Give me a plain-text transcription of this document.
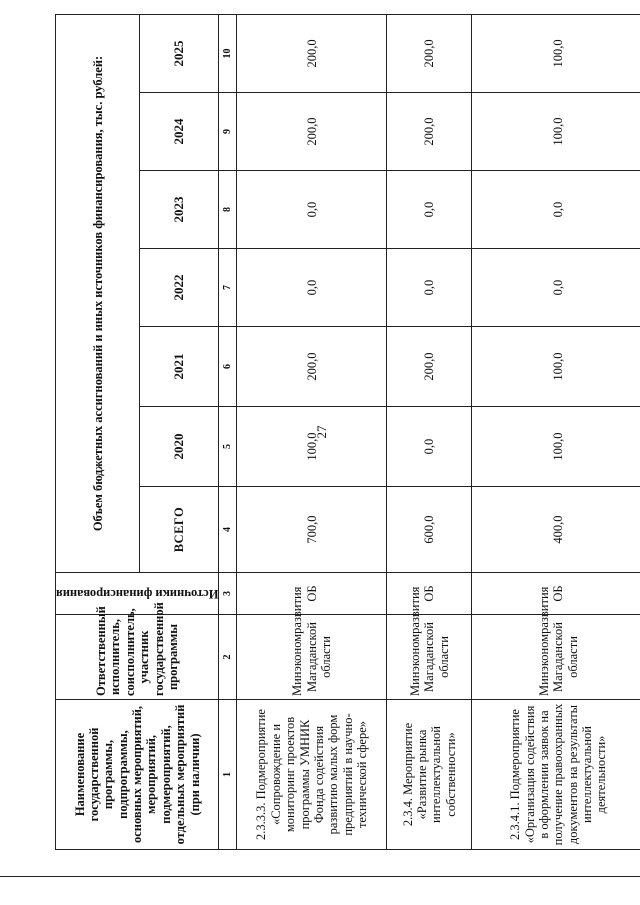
27
Наименование государственной программы, подпрограммы, основных мероприятий, мероприятий, подмероприятий, отдельных мероприятий (при наличии)	Ответственный исполнитель, соисполнитель, участник государственной программы	Источники финансирования	Объем бюджетных ассигнований и иных источников финансирования, тыс. рублей:						
			ВСЕГО	2020	2021	2022	2023	2024	2025
1	2	3	4	5	6	7	8	9	10
2.3.3.3. Подмероприятие «Сопровождение и мониторинг проектов программы УМНИК Фонда содействия развитию малых форм предприятий в научно-технической сфере»	Минэкономразвития Магаданской области	ОБ	700,0	100,0	200,0	0,0	0,0	200,0	200,0
2.3.4. Мероприятие «Развитие рынка интеллектуальной собственности»	Минэкономразвития Магаданской области	ОБ	600,0	0,0	200,0	0,0	0,0	200,0	200,0
2.3.4.1. Подмероприятие «Организация содействия в оформлении заявок на получение правоохранных документов на результаты интеллектуальной деятельности»	Минэкономразвития Магаданской области	ОБ	400,0	100,0	100,0	0,0	0,0	100,0	100,0
